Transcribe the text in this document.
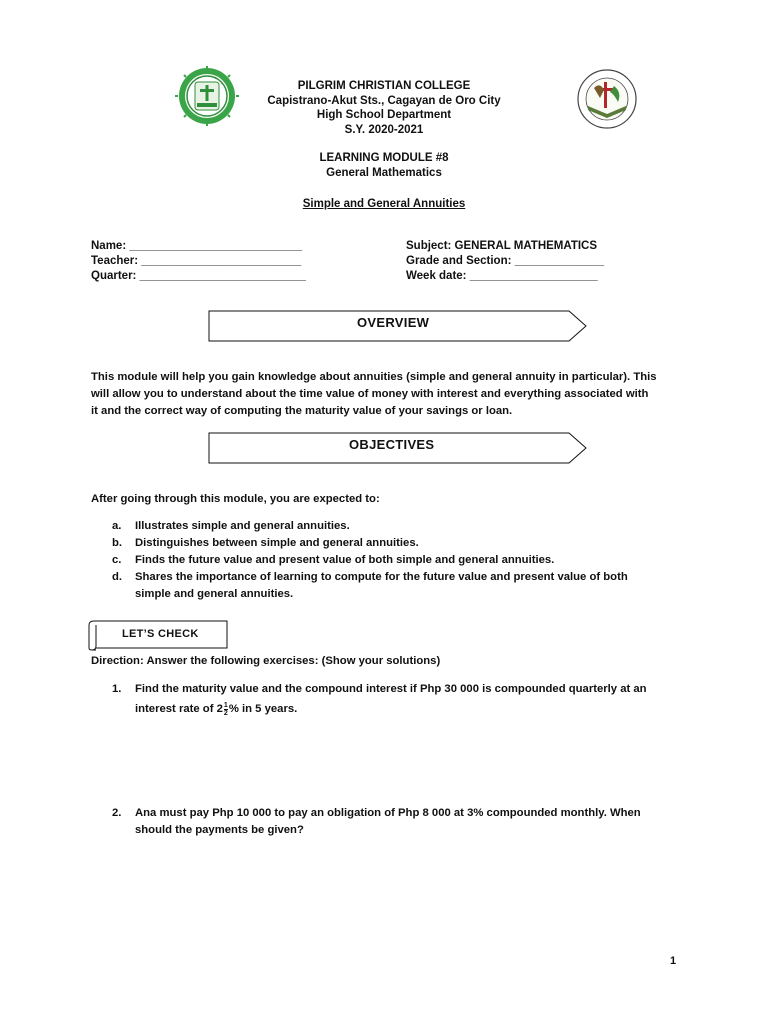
PILGRIM CHRISTIAN COLLEGE
Capistrano-Akut Sts., Cagayan de Oro City
High School Department
S.Y. 2020-2021
LEARNING MODULE #8
General Mathematics
Simple and General Annuities
Name: ___________________________
Teacher: _________________________
Quarter: __________________________
Subject: GENERAL MATHEMATICS
Grade and Section: ______________
Week date: ____________________
OVERVIEW
This module will help you gain knowledge about annuities (simple and general annuity in particular). This
will allow you to understand about the time value of money with interest and everything associated with
it and the correct way of computing the maturity value of your savings or loan.
OBJECTIVES
After going through this module, you are expected to:
a. Illustrates simple and general annuities.
b. Distinguishes between simple and general annuities.
c. Finds the future value and present value of both simple and general annuities.
d. Shares the importance of learning to compute for the future value and present value of both
simple and general annuities.
LET’S CHECK
Direction: Answer the following exercises: (Show your solutions)
1. Find the maturity value and the compound interest if Php 30 000 is compounded quarterly at an
interest rate of $2 \frac{1}{2}$ % in 5 years.
2. Ana must pay Php 10 000 to pay an obligation of Php 8 000 at 3% compounded monthly. When
should the payments be given?
1
